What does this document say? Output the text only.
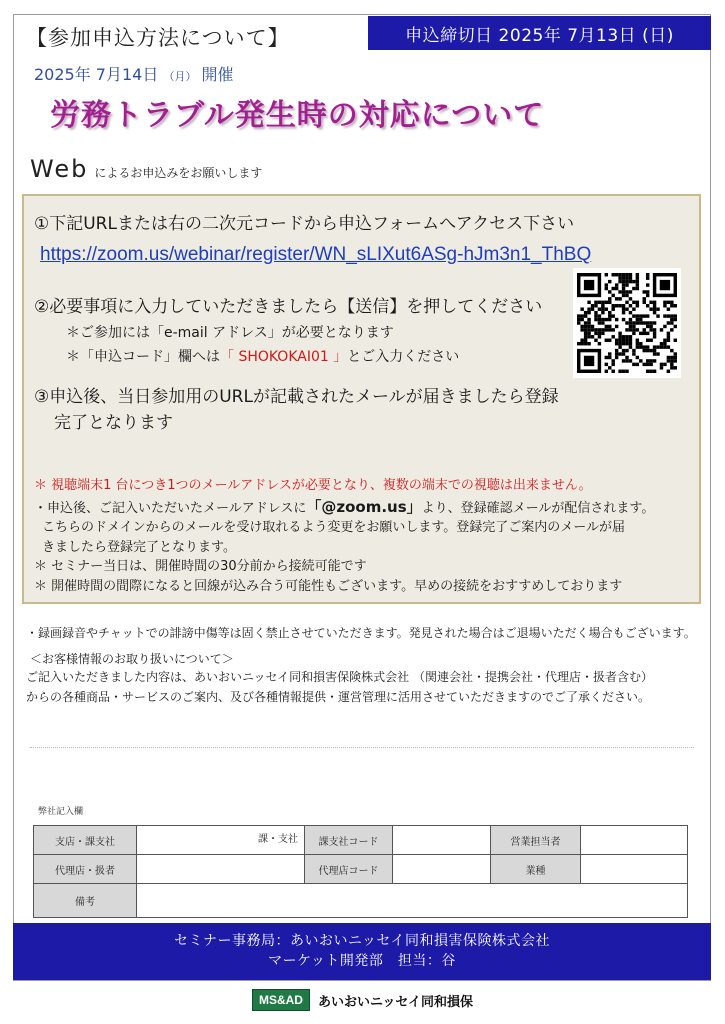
【参加申込方法について】	申込締切日 2025年 7月13日 (日)
2025年 7月14日 （月） 開催
労務トラブル発生時の対応について
Web によるお申込みをお願いします
①下記URLまたは右の二次元コードから申込フォームへアクセス下さい
https://zoom.us/webinar/register/WN_sLIXut6ASg-hJm3n1_ThBQ
②必要事項に入力していただきましたら【送信】を押してください
＊ご参加には「e-mail アドレス」が必要となります
＊「申込コード」欄へは「 SHOKOKAI01 」とご入力ください
③申込後、当日参加用のURLが記載されたメールが届きましたら登録
完了となります
＊ 視聴端末1 台につき1つのメールアドレスが必要となり、複数の端末での視聴は出来ません。
・申込後、ご記入いただいたメールアドレスに「@zoom.us」より、登録確認メールが配信されます。
こちらのドメインからのメールを受け取れるよう変更をお願いします。登録完了ご案内のメールが届
きましたら登録完了となります。
＊ セミナー当日は、開催時間の30分前から接続可能です
＊ 開催時間の間際になると回線が込み合う可能性もございます。早めの接続をおすすめしております
・録画録音やチャットでの誹謗中傷等は固く禁止させていただきます。発見された場合はご退場いただく場合もございます。
＜お客様情報のお取り扱いについて＞
ご記入いただきました内容は、あいおいニッセイ同和損害保険株式会社 （関連会社・提携会社・代理店・扱者含む）
からの各種商品・サービスのご案内、及び各種情報提供・運営管理に活用させていただきますのでご了承ください。
弊社記入欄
支店・課支社	課・支社	課支社コード		営業担当者	
代理店・扱者		代理店コード		業種	
備考					
セミナー事務局：あいおいニッセイ同和損害保険株式会社
マーケット開発部　担当：谷
MS&AD	あいおいニッセイ同和損保
